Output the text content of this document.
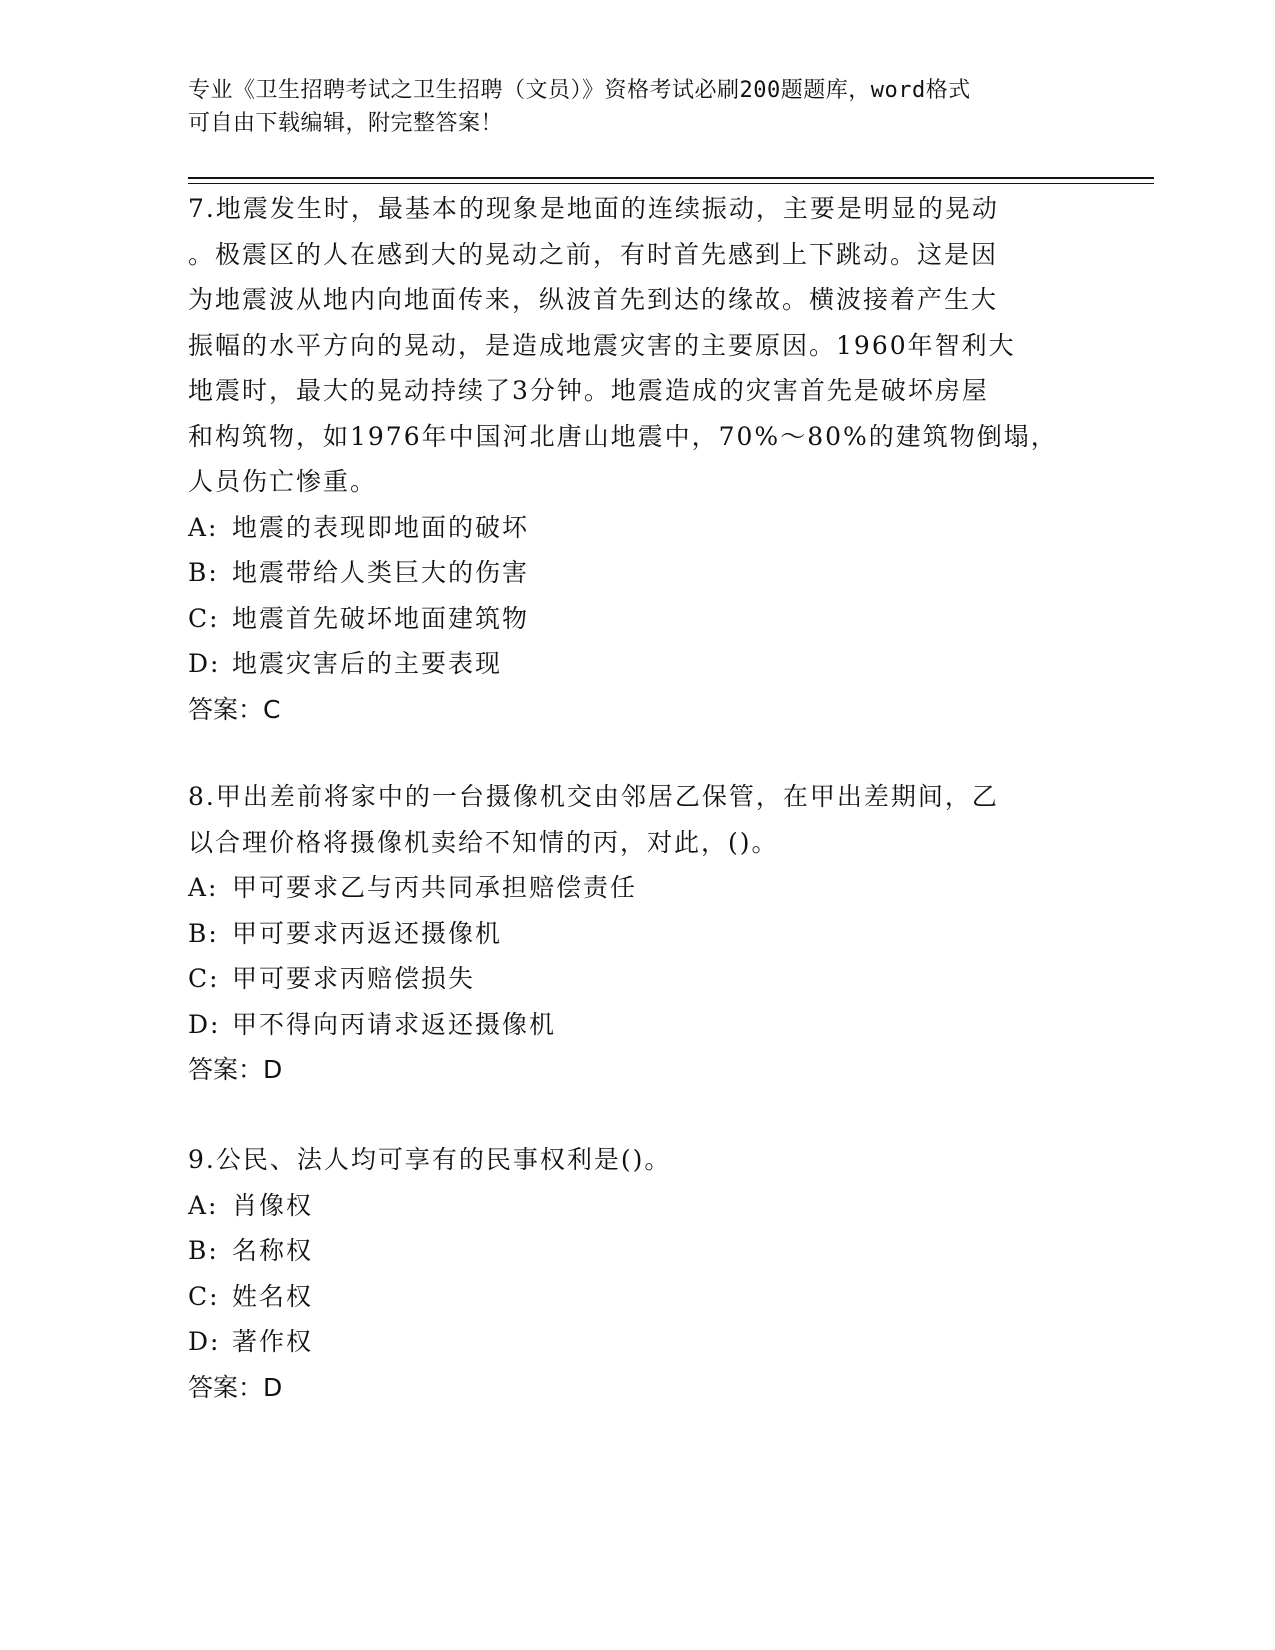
专业《卫生招聘考试之卫生招聘（文员）》资格考试必刷200题题库，word格式
可自由下载编辑，附完整答案！

7.地震发生时，最基本的现象是地面的连续振动，主要是明显的晃动

。极震区的人在感到大的晃动之前，有时首先感到上下跳动。这是因

为地震波从地内向地面传来，纵波首先到达的缘故。横波接着产生大

振幅的水平方向的晃动，是造成地震灾害的主要原因。1960年智利大

地震时，最大的晃动持续了3分钟。地震造成的灾害首先是破坏房屋

和构筑物，如1976年中国河北唐山地震中，70%～80%的建筑物倒塌，

人员伤亡惨重。

A: 地震的表现即地面的破坏

B: 地震带给人类巨大的伤害

C: 地震首先破坏地面建筑物

D: 地震灾害后的主要表现

答案：C

8.甲出差前将家中的一台摄像机交由邻居乙保管，在甲出差期间，乙

以合理价格将摄像机卖给不知情的丙，对此，()。

A: 甲可要求乙与丙共同承担赔偿责任

B: 甲可要求丙返还摄像机

C: 甲可要求丙赔偿损失

D: 甲不得向丙请求返还摄像机

答案：D

9.公民、法人均可享有的民事权利是()。

A: 肖像权

B: 名称权

C: 姓名权

D: 著作权

答案：D
